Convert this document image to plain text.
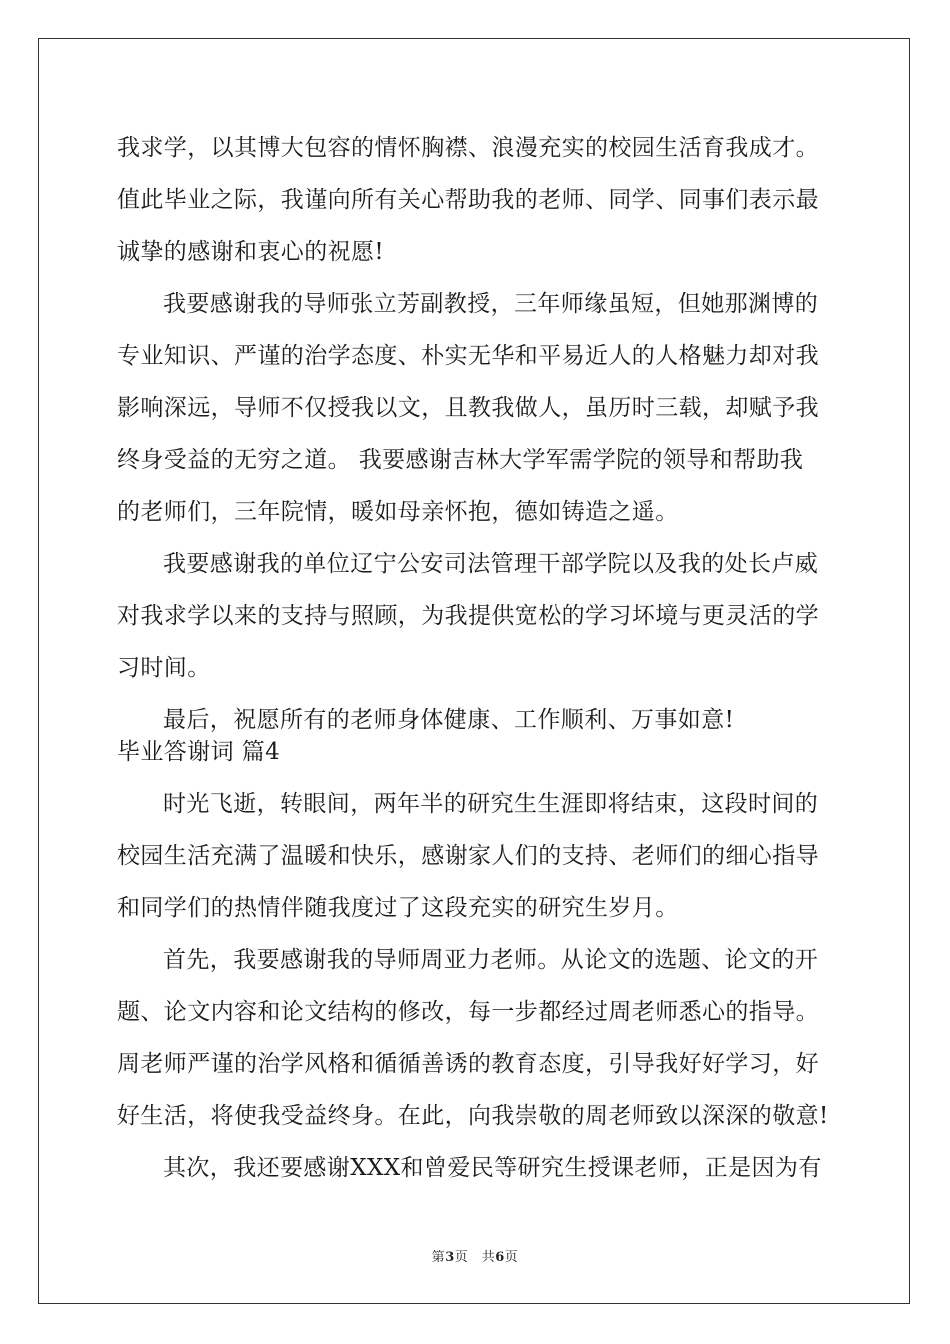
我求学，以其博大包容的情怀胸襟、浪漫充实的校园生活育我成才。
值此毕业之际，我谨向所有关心帮助我的老师、同学、同事们表示最
诚挚的感谢和衷心的祝愿!
我要感谢我的导师张立芳副教授，三年师缘虽短，但她那渊博的
专业知识、严谨的治学态度、朴实无华和平易近人的人格魅力却对我
影响深远，导师不仅授我以文，且教我做人，虽历时三载，却赋予我
终身受益的无穷之道。 我要感谢吉林大学军需学院的领导和帮助我
的老师们，三年院情，暖如母亲怀抱，德如铸造之遥。
我要感谢我的单位辽宁公安司法管理干部学院以及我的处长卢威
对我求学以来的支持与照顾，为我提供宽松的学习坏境与更灵活的学
习时间。
最后，祝愿所有的老师身体健康、工作顺利、万事如意!
毕业答谢词 篇4
时光飞逝，转眼间，两年半的研究生生涯即将结束，这段时间的
校园生活充满了温暖和快乐，感谢家人们的支持、老师们的细心指导
和同学们的热情伴随我度过了这段充实的研究生岁月。
首先，我要感谢我的导师周亚力老师。从论文的选题、论文的开
题、论文内容和论文结构的修改，每一步都经过周老师悉心的指导。
周老师严谨的治学风格和循循善诱的教育态度，引导我好好学习，好
好生活，将使我受益终身。在此，向我崇敬的周老师致以深深的敬意!
其次，我还要感谢XXX和曾爱民等研究生授课老师，正是因为有
第3页　共6页
